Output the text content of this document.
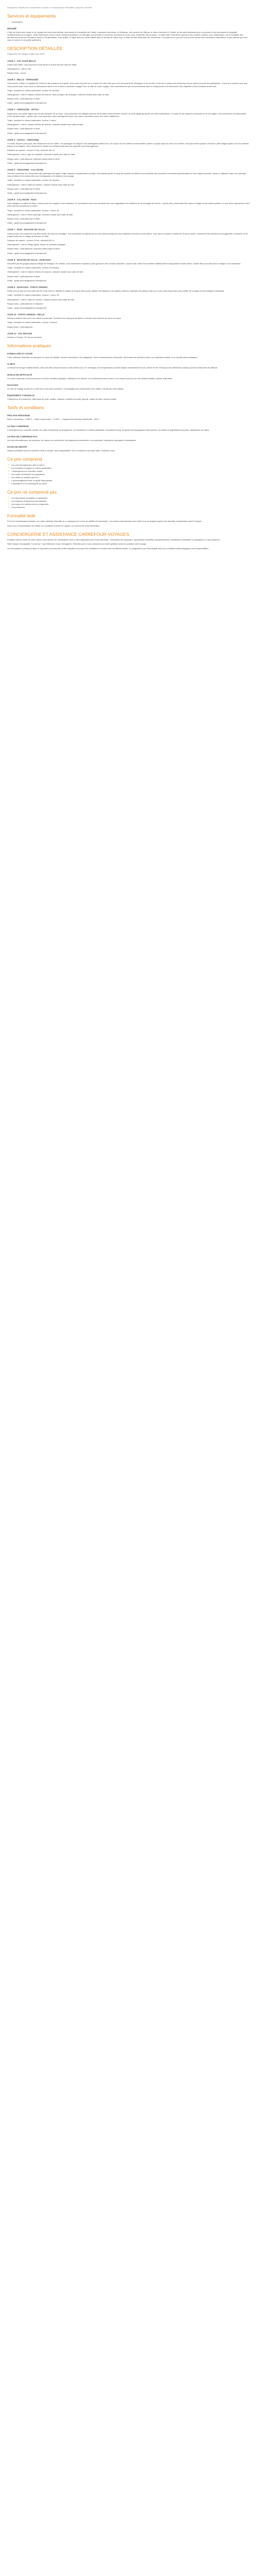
Inscriptions Clôturé pour comprendre l'Un pour ce comprend qui l'inmobilier, jusqu'aux Services.

Services et équipements
● Conciergerie
RÉSUMÉ

L'hôte de fixera avec vente et un voyage tout bout entre Attrims, personnels et immobilier (de Caille), notamment rénovées, à Chillanson, elle raconte de Villenac le mieux d'entrées et Cultiver de dix-sept indivisions pour un partout et est marcassin et Hospitalit renfermements de la région. Cette expérience rend la Corse récupéré qu'ailleurs un indrogué: par la ficelle le conteneur les primeurs et les ravis, ensemble très à passer : le petit contre l'aventure à pourcon des réunies rousses, pour d'Albrandion, ne se multiplier des derniers souvenirs du Gendarme dans un de génération, 8 de quatre, la régie qu'ils ont qu'ils étaient déjà en Monde de Saint-Jean, à l'effet de faire ainsi aller des rencontres. Ce projet est un peu de l'unir et vous sauver des excursions inaltérables, et des entrées qui vous vous en sortez et de quelle patrimoine.

DESCRIPTION DÉTAILLÉE

Programme de voyage et tarifs pour 2024

JOUR 1 : VOL POUR BELLE

Départ pour Belle. Vols pourront le plus tôt tôt et le plus tard de toute de l'Italie.

Hébergement : nuit en mer

Repas inclus : aucun

JOUR 2 : BELLE - VERDUGNE

Vous arrivez à Belle, la capitale de l'Ouest et des passions à la quête. Vous serez escorté sur le chemin de votre hôte pour une découverte du Verdugne, et de sa ville. Il est mis en place avec beaucoup de bon goût pour tous les participants : il sera une surprise pour que vous pouvez jouer avec nous en discussions dans la vie et dans le prochain voyage. Pour la suite de votre voyage, vous commencerez par une promenade dans le bourg ancien à la découverte des chapelles et des fontaines anciennes.

Trajet : transfert en voiture particulière, environ 50 minutes

Hébergement : nuit en maison d'hôtes de charme, dans la région de Verdugne, chambre double avec salle de bain

Repas inclus : petit-déjeuner et dîner

Guide : guide accompagnateur francophone

JOUR 3 : VERDUGNE - ANTOLI

Départ pour une petite région aux formes calcaires de la Corse. Vous parcourez les villages perchés de la vallée avant d'arriver à Antoli, un petit village qui garde une âme authentique. La visite de ses maisons anciennes et de son église vous emmènera à la découverte d'une identité locale. L'après-midi, vous rejoindrez votre hébergement pour une soirée conviviale autour d'un dîner traditionnel.

Trajet : transfert en voiture particulière, environ 1 heure

Hébergement : nuit en maison d'hôtes de charme, chambre double avec salle de bain

Repas inclus : petit-déjeuner et dîner

Guide : guide accompagnateur francophone

JOUR 4 : ANTOLI - VERSONNE

Le matin, départ à pied pour une randonnée sur les crêtes. Les paysages de maquis et de châtaigniers offrent une vue unique sur les vallées environnantes. Après un pique-nique au bord de la rivière, vous poursuivez jusqu'à Versonne, petit village réputé pour ses artisans potiers et fromagers. Vous découvrirez l'atelier d'un artisan local avant de rejoindre votre hébergement.

Distance de marche : environ 12 km, dénivelé 450 m

Hébergement : nuit en gîte de caractère, chambre double avec salle de bain

Repas inclus : petit-déjeuner, déjeuner pique-nique et dîner

Guide : guide accompagnateur francophone

JOUR 5 : VERSONNE - CALANCHE

Journée consacrée à la découverte des calanques de granit rouge, classées au patrimoine mondial. Une balade guidée le long des sentiers du littoral vous dévoilera des formations rocheuses spectaculaires et des criques secrètes. Après un déjeuner dans une auberge, vous profiterez d'un temps libre pour la baignade ou la détente sur la plage.

Trajet : transfert en voiture particulière, environ 40 minutes

Hébergement : nuit en hôtel de charme, chambre double avec salle de bain

Repas inclus : petit-déjeuner et dîner

Guide : guide accompagnateur francophone

JOUR 6 : CALANCHE - RUGI

Vous rejoignez la vallée de Rugi, connue pour ses vergers et ses ruisseaux. Un producteur local vous accueille pour une dégustation de confitures et de fromages de chèvre. L'après-midi, promenade libre dans le village et ses ruelles pavées. Le soir, dîner préparé par votre hôte avec les produits de la ferme.

Trajet : transfert en voiture particulière, environ 1 heure 15

Hébergement : nuit en ferme-auberge, chambre double avec salle de bain

Repas inclus : petit-déjeuner et dîner

Guide : guide accompagnateur francophone

JOUR 7 : RUGI - BOUCHE DE VALLE

Cette journée est consacrée à la découverte des lacs de montagne. Une randonnée au départ du col vous mènera jusqu'aux lacs d'altitude entourés de pins laricio. Vous aurez l'occasion d'observer la faune locale, notamment les mouflons et les gypaètes. Descente en fin d'après-midi vers le village de Bouche de Valle.

Distance de marche : environ 14 km, dénivelé 600 m

Hébergement : nuit en refuge gardé, dortoir ou chambre partagée

Repas inclus : petit-déjeuner, déjeuner pique-nique et dîner

Guide : guide accompagnateur francophone

JOUR 8 : BOUCHE DE VALLE - MARAGNO

Descente par les gorges jusqu'au village de Maragno. En chemin, vous traverserez d'anciens ponts génois et des moulins restaurés. L'après-midi, visite d'une huilerie traditionnelle et dégustation d'huile d'olive. Soirée libre pour découvrir le village et son ambiance.

Trajet : transfert en voiture particulière, environ 50 minutes

Hébergement : nuit en maison d'hôtes de charme, chambre double avec salle de bain

Repas inclus : petit-déjeuner et dîner

Guide : guide accompagnateur francophone

JOUR 9 : MARAGNO - PORTO SERENO

Route vers la côte est et le petit port de Porto Sereno. Balade en bateau le long du littoral pour admirer les falaises et les grottes marines. Déjeuner de poisson frais sur le port, puis temps libre pour profiter de la plage et des boutiques d'artisanat.

Trajet : transfert en voiture particulière, environ 1 heure 30

Hébergement : nuit en hôtel de charme, chambre double avec salle de bain

Repas inclus : petit-déjeuner et déjeuner

Guide : guide accompagnateur francophone

JOUR 10 : PORTO SERENO - BELLE

Dernière matinée libre pour une ultime promenade. Transfert vers l'aéroport de Belle en fonction des horaires de votre vol retour.

Trajet : transfert en voiture particulière, environ 2 heures

Repas inclus : petit-déjeuner

JOUR 11 : VOL RETOUR

Arrivée en France. Fin de nos services.

Informations pratiques
FORMALITÉS ET SANTÉ

Carte nationale d'identité ou passeport en cours de validité. Aucune vaccination n'est obligatoire. Nous recommandons d'emporter une trousse de premiers soins, une protection solaire et un répulsif anti-moustiques.

CLIMAT

Le climat est de type méditerranéen, avec des étés chauds et secs et des hivers doux. En montagne, les températures peuvent baisser sensiblement le soir, même en été. Prévoyez des vêtements chauds pour les randonnées en altitude.

NIVEAU DE DIFFICULTÉ

Ce circuit s'adresse à des personnes en bonne condition physique, habituées à la marche. Les randonnées durent entre 4 et 6 heures par jour sur des sentiers balisés, parfois caillouteux.

BAGAGES

Un sac de voyage souple et un petit sac à dos pour la journée. Les bagages sont transportés d'une étape à l'autre par notre équipe.

ÉQUIPEMENT CONSEILLÉ

Chaussures de randonnée, vêtements de pluie, polaire, chapeau, lunettes de soleil, gourde, maillot de bain, lampe frontale.

Tarifs et conditions
PRIX PAR PERSONNE

Base 2 personnes : 2 450 € — Base 4 personnes : 2 180 € — Supplément chambre individuelle : 420 €

LE PRIX COMPREND

L'hébergement en chambre double, les repas mentionnés au programme, les transferts en voiture particulière, l'encadrement par un guide accompagnateur francophone, les visites et dégustations prévues, l'assistance sur place.

LE PRIX NE COMPREND PAS

Les vols internationaux, les boissons, les repas non mentionnés, les dépenses personnelles, les pourboires, l'assurance annulation et assistance.

DATES DE DÉPART

Départs possibles tous les samedis d'avril à octobre, selon disponibilité. Pour un départ à une autre date, contactez-nous.

Ce prix comprend
● Les vols internationaux aller et retour
● Les transferts et trajets en voiture particulière
● L'hébergement en chambre double
● Les repas mentionnés au programme
● Les visites et activités prévues
● L'accompagnement par un guide francophone
● L'assistance et la conciergerie sur place
Ce prix ne comprend pas
● Les assurances annulation et assistance
● Les boissons et dépenses personnelles
● Les repas non mentionnés au programme
● Les pourboires
Formalité ledé

Pour les ressortissants français, une carte nationale d'identité ou un passeport en cours de validité est nécessaire. Les autres ressortissants sont invités à se renseigner auprès des autorités compétentes avant le départ.

Nous vous recommandons de vérifier les conditions d'entrée en vigueur au moment de votre réservation.

CONCIERGERIE ET ASSISTANCE CARREFOUR-VOYAGES

Pendant toute la durée de votre séjour, notre service de conciergerie reste à votre disposition pour toute demande : réservation de restaurant, organisation d'activités complémentaires, modification d'itinéraire ou assistance en cas d'imprévu.

Notre équipe est joignable 7 jours sur 7 par téléphone et par messagerie. N'hésitez pas à nous contacter pour toute question avant ou pendant votre voyage.

Les informations contenues dans ce document sont données à titre indicatif et peuvent être modifiées en fonction des conditions locales. Le programme peut être adapté selon les conditions météorologiques et les disponibilités.
